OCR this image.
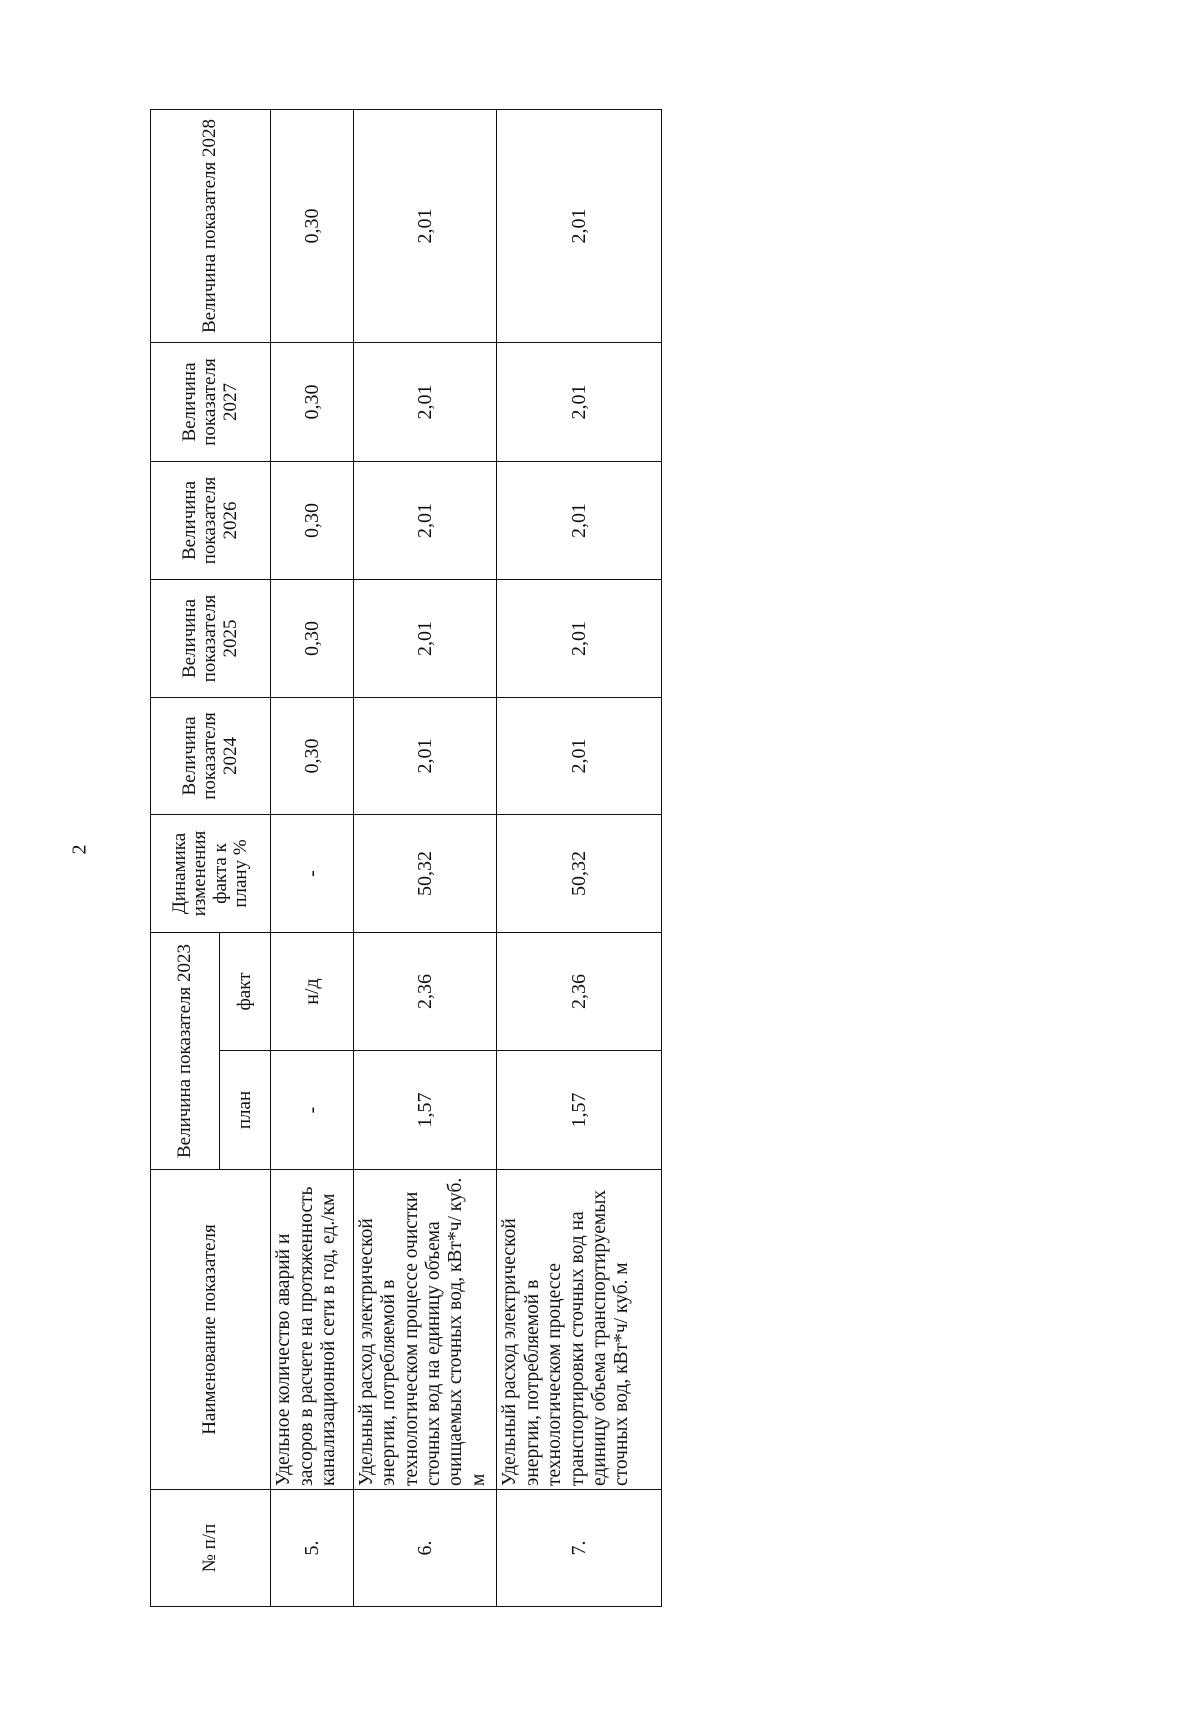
2
№ п/п	Наименование показателя	Величина показателя 2023		Динамика изменения факта к плану %	Величина показателя 2024	Величина показателя 2025	Величина показателя 2026	Величина показателя 2027	Величина показателя 2028
		план	факт						
5.	Удельное количество аварий и засоров в расчете на протяженность канализационной сети в год, ед./км	-	н/д	-	0,30	0,30	0,30	0,30	0,30
6.	Удельный расход электрической энергии, потребляемой в технологическом процессе очистки сточных вод на единицу объема очищаемых сточных вод, кВт*ч/ куб. м	1,57	2,36	50,32	2,01	2,01	2,01	2,01	2,01
7.	Удельный расход электрической энергии, потребляемой в технологическом процессе транспортировки сточных вод на единицу объема транспортируемых сточных вод, кВт*ч/ куб. м	1,57	2,36	50,32	2,01	2,01	2,01	2,01	2,01
